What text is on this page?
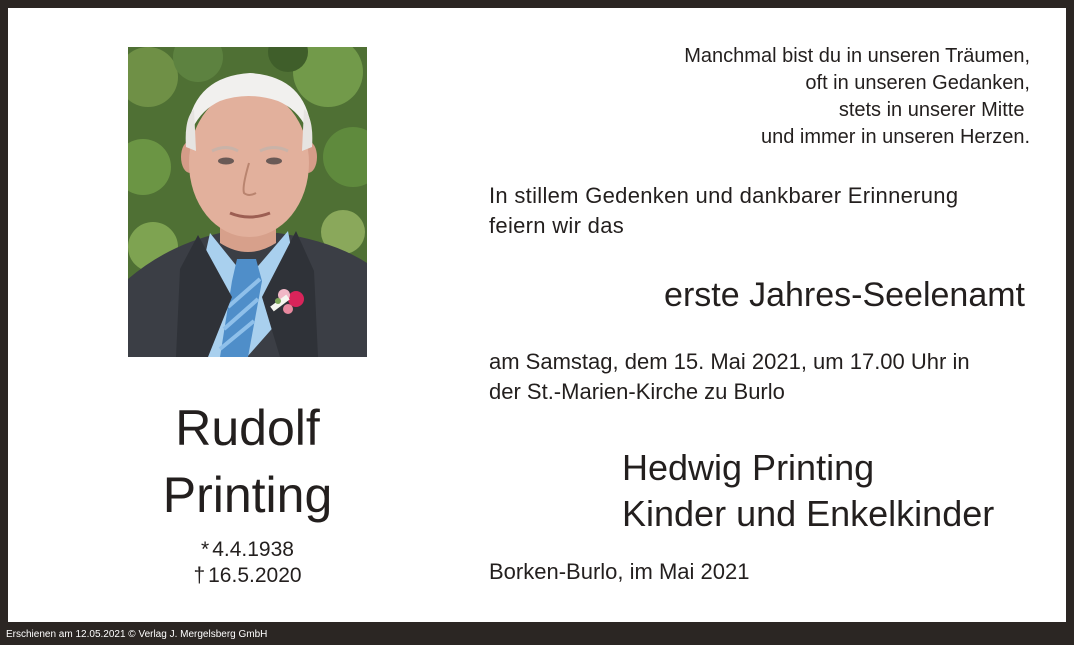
Rudolf
Printing
* 4.4.1938
† 16.5.2020
Manchmal bist du in unseren Träumen,
oft in unseren Gedanken,
stets in unserer Mitte
und immer in unseren Herzen.
In stillem Gedenken und dankbarer Erinnerung
feiern wir das
erste Jahres-Seelenamt
am Samstag, dem 15. Mai 2021, um 17.00 Uhr in
der St.-Marien-Kirche zu Burlo
Hedwig Printing
Kinder und Enkelkinder
Borken-Burlo, im Mai 2021
Erschienen am 12.05.2021 © Verlag J. Mergelsberg GmbH
